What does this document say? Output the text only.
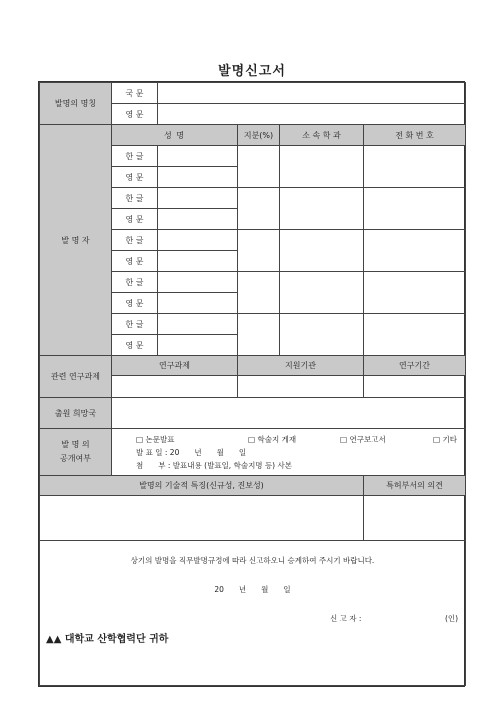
발명신고서
발명의 명칭	국 문				
	영 문				
발 명 자	성 명		지분(%)	소 속 학 과	전 화 번 호
	한 글				
	영 문				
	한 글				
	영 문				
	한 글				
	영 문				
	한 글				
	영 문				
	한 글				
	영 문				
관련 연구과제	연구과제		지원기관		연구기간

출원 희망국					
발 명 의
공개여부	□ 논문발표 □ 학술지 게재 □ 연구보고서 □ 기타
발 표 일 : 20　　년　　월　　일
첨　　부 : 발표내용 (발표일, 학술지명 등) 사본				
발명의 기술적 특징(신규성, 진보성)					특허부서의 의견

상기의 발명을 직무발명규정에 따라 신고하오니 승계하여 주시기 바랍니다.
20　　년　　월　　일
신 고 자 : (인)
▲▲ 대학교 산학협력단 귀하					
